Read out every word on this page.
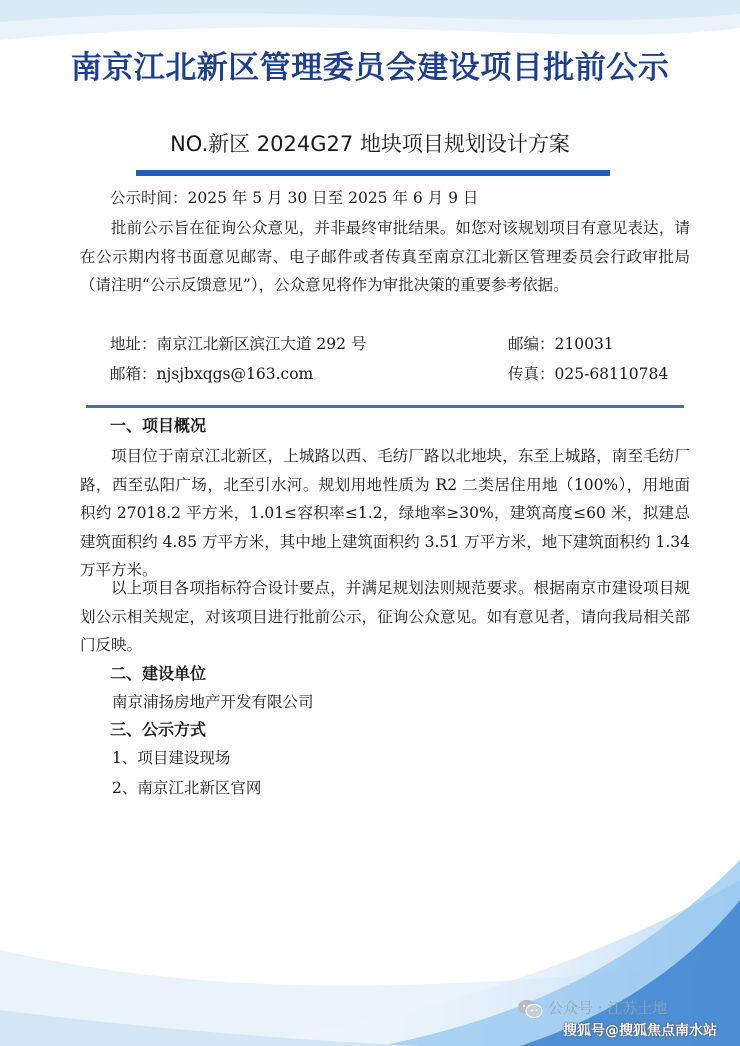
南京江北新区管理委员会建设项目批前公示
NO.新区 2024G27 地块项目规划设计方案
公示时间：2025 年 5 月 30 日至 2025 年 6 月 9 日
批前公示旨在征询公众意见，并非最终审批结果。如您对该规划项目有意见表达，请在公示期内将书面意见邮寄、电子邮件或者传真至南京江北新区管理委员会行政审批局（请注明“公示反馈意见”），公众意见将作为审批决策的重要参考依据。
地址：南京江北新区滨江大道 292 号	邮编：210031
邮箱：njsjbxqgs@163.com	传真：025-68110784
一、项目概况
项目位于南京江北新区，上城路以西、毛纺厂路以北地块，东至上城路，南至毛纺厂路，西至弘阳广场，北至引水河。规划用地性质为 R2 二类居住用地（100%），用地面积约 27018.2 平方米，1.01≤容积率≤1.2，绿地率≥30%，建筑高度≤60 米，拟建总建筑面积约 4.85 万平方米，其中地上建筑面积约 3.51 万平方米，地下建筑面积约 1.34 万平方米。
以上项目各项指标符合设计要点，并满足规划法则规范要求。根据南京市建设项目规划公示相关规定，对该项目进行批前公示，征询公众意见。如有意见者，请向我局相关部门反映。
二、建设单位
南京浦扬房地产开发有限公司
三、公示方式
1、项目建设现场
2、南京江北新区官网
公众号 · 江苏土地
搜狐号@搜狐焦点南水站
